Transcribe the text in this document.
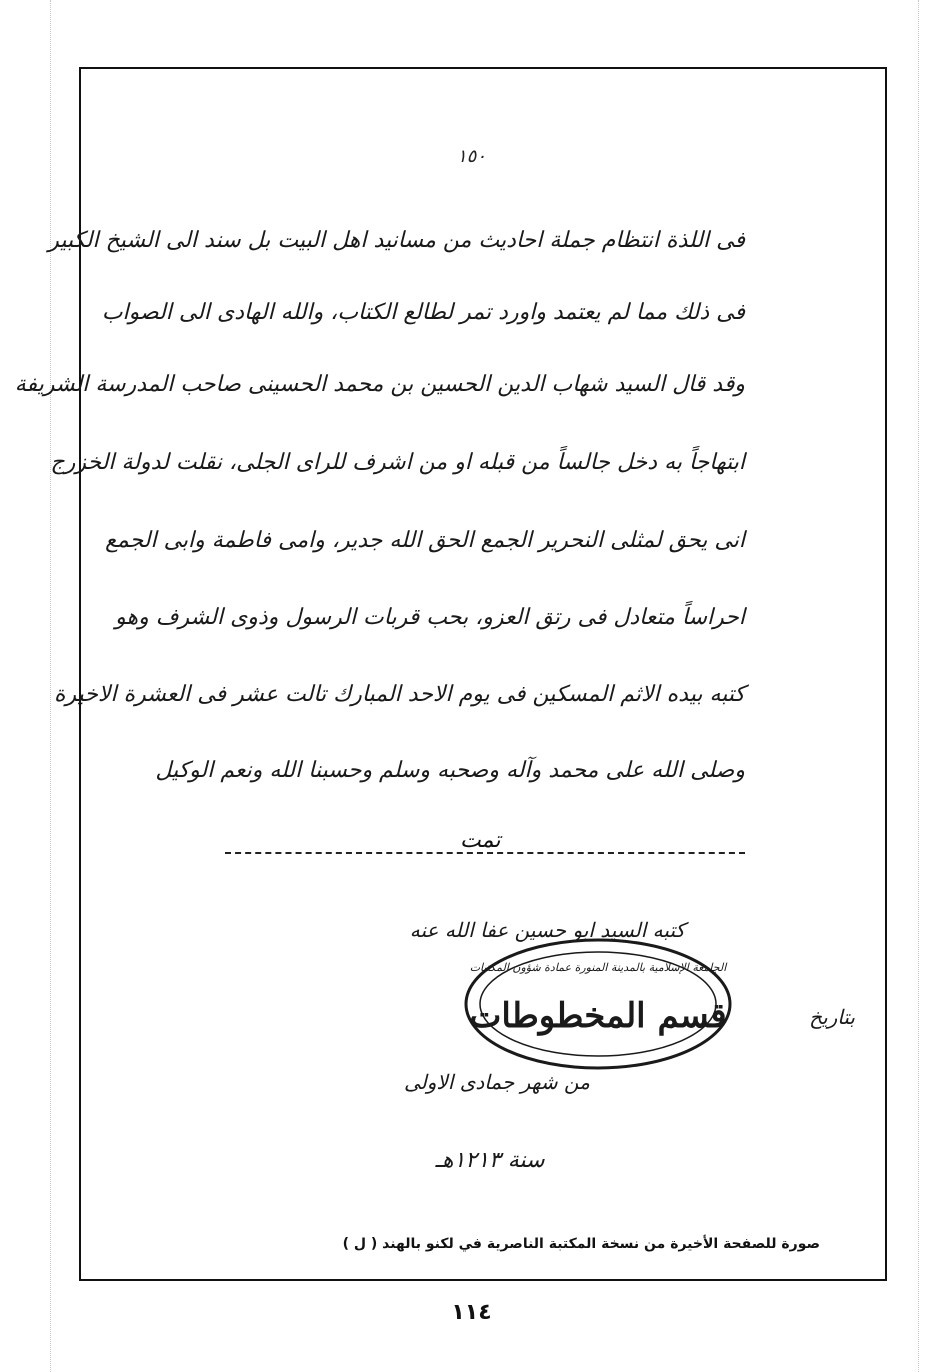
١٥٠
فى اللذة انتظام جملة احاديث من مسانيد اهل البيت بل سند الى الشيخ الكبير
فى ذلك مما لم يعتمد واورد تمر لطالع الكتاب، والله الهادى الى الصواب
وقد قال السيد شهاب الدين الحسين بن محمد الحسينى صاحب المدرسة الشريفة
ابتهاجاً به دخل جالساً من قبله او من اشرف للراى الجلى، نقلت لدولة الخزرج
انى يحق لمثلى النحرير الجمع الحق الله جدير، وامى فاطمة وابى الجمع
احراساً متعادل فى رتق العزو، بحب قربات الرسول وذوى الشرف وهو
كتبه بيده الاثم المسكين فى يوم الاحد المبارك تالت عشر فى العشرة الاخيرة
وصلى الله على محمد وآله وصحبه وسلم وحسبنا الله ونعم الوكيل
تمت
كتبه السيد ابو حسين عفا الله عنه
بتاريخ
من شهر جمادى الاولى
سنة ١٢١٣هـ
الجامعة الإسلامية بالمدينة المنورة عمادة شؤون المكتبات
قسم المخطوطات
صورة للصفحة الأخيرة من نسخة المكتبة الناصرية في لكنو بالهند ( ل )
١١٤
